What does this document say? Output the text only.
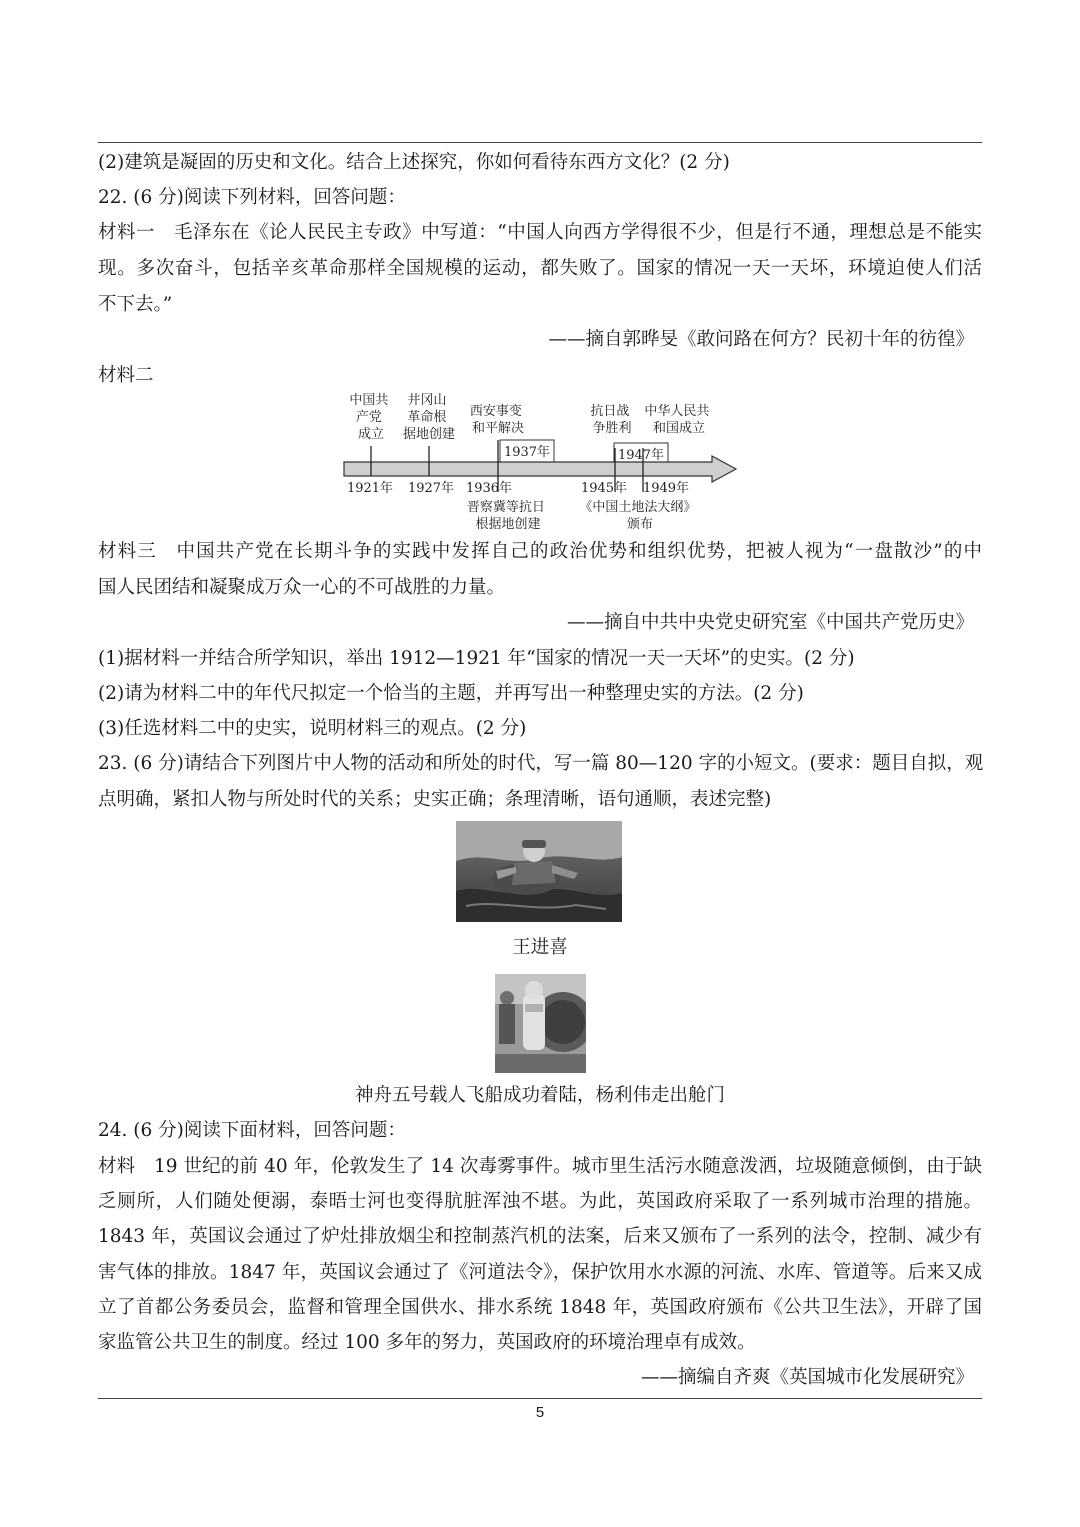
(2)建筑是凝固的历史和文化。结合上述探究，你如何看待东西方文化？(2 分)
22. (6 分)阅读下列材料，回答问题：
材料一　毛泽东在《论人民民主专政》中写道：“中国人向西方学得很不少，但是行不通，理想总是不能实
现。多次奋斗，包括辛亥革命那样全国规模的运动，都失败了。国家的情况一天一天坏，环境迫使人们活
不下去。”
——摘自郭晔旻《敢问路在何方？民初十年的彷徨》
材料二
中国共 产党 成立
井冈山 革命根 据地创建
西安事变 和平解决
抗日战 争胜利
中华人民共 和国成立
1937年	1947年
1921年 1927年 1936年	1945年 1949年
晋察冀等抗日 根据地创建
《中国土地法大纲》 颁布
材料三　中国共产党在长期斗争的实践中发挥自己的政治优势和组织优势，把被人视为“一盘散沙”的中
国人民团结和凝聚成万众一心的不可战胜的力量。
——摘自中共中央党史研究室《中国共产党历史》
(1)据材料一并结合所学知识，举出 1912—1921 年“国家的情况一天一天坏”的史实。(2 分)
(2)请为材料二中的年代尺拟定一个恰当的主题，并再写出一种整理史实的方法。(2 分)
(3)任选材料二中的史实，说明材料三的观点。(2 分)
23. (6 分)请结合下列图片中人物的活动和所处的时代，写一篇 80—120 字的小短文。(要求：题目自拟，观
点明确，紧扣人物与所处时代的关系；史实正确；条理清晰，语句通顺，表述完整)
王进喜
神舟五号载人飞船成功着陆，杨利伟走出舱门
24. (6 分)阅读下面材料，回答问题：
材料　19 世纪的前 40 年，伦敦发生了 14 次毒雾事件。城市里生活污水随意泼洒，垃圾随意倾倒，由于缺
乏厕所，人们随处便溺，泰晤士河也变得肮脏浑浊不堪。为此，英国政府采取了一系列城市治理的措施。
1843 年，英国议会通过了炉灶排放烟尘和控制蒸汽机的法案，后来又颁布了一系列的法令，控制、减少有
害气体的排放。1847 年，英国议会通过了《河道法令》，保护饮用水水源的河流、水库、管道等。后来又成
立了首都公务委员会，监督和管理全国供水、排水系统 1848 年，英国政府颁布《公共卫生法》，开辟了国
家监管公共卫生的制度。经过 100 多年的努力，英国政府的环境治理卓有成效。
——摘编自齐爽《英国城市化发展研究》
5
